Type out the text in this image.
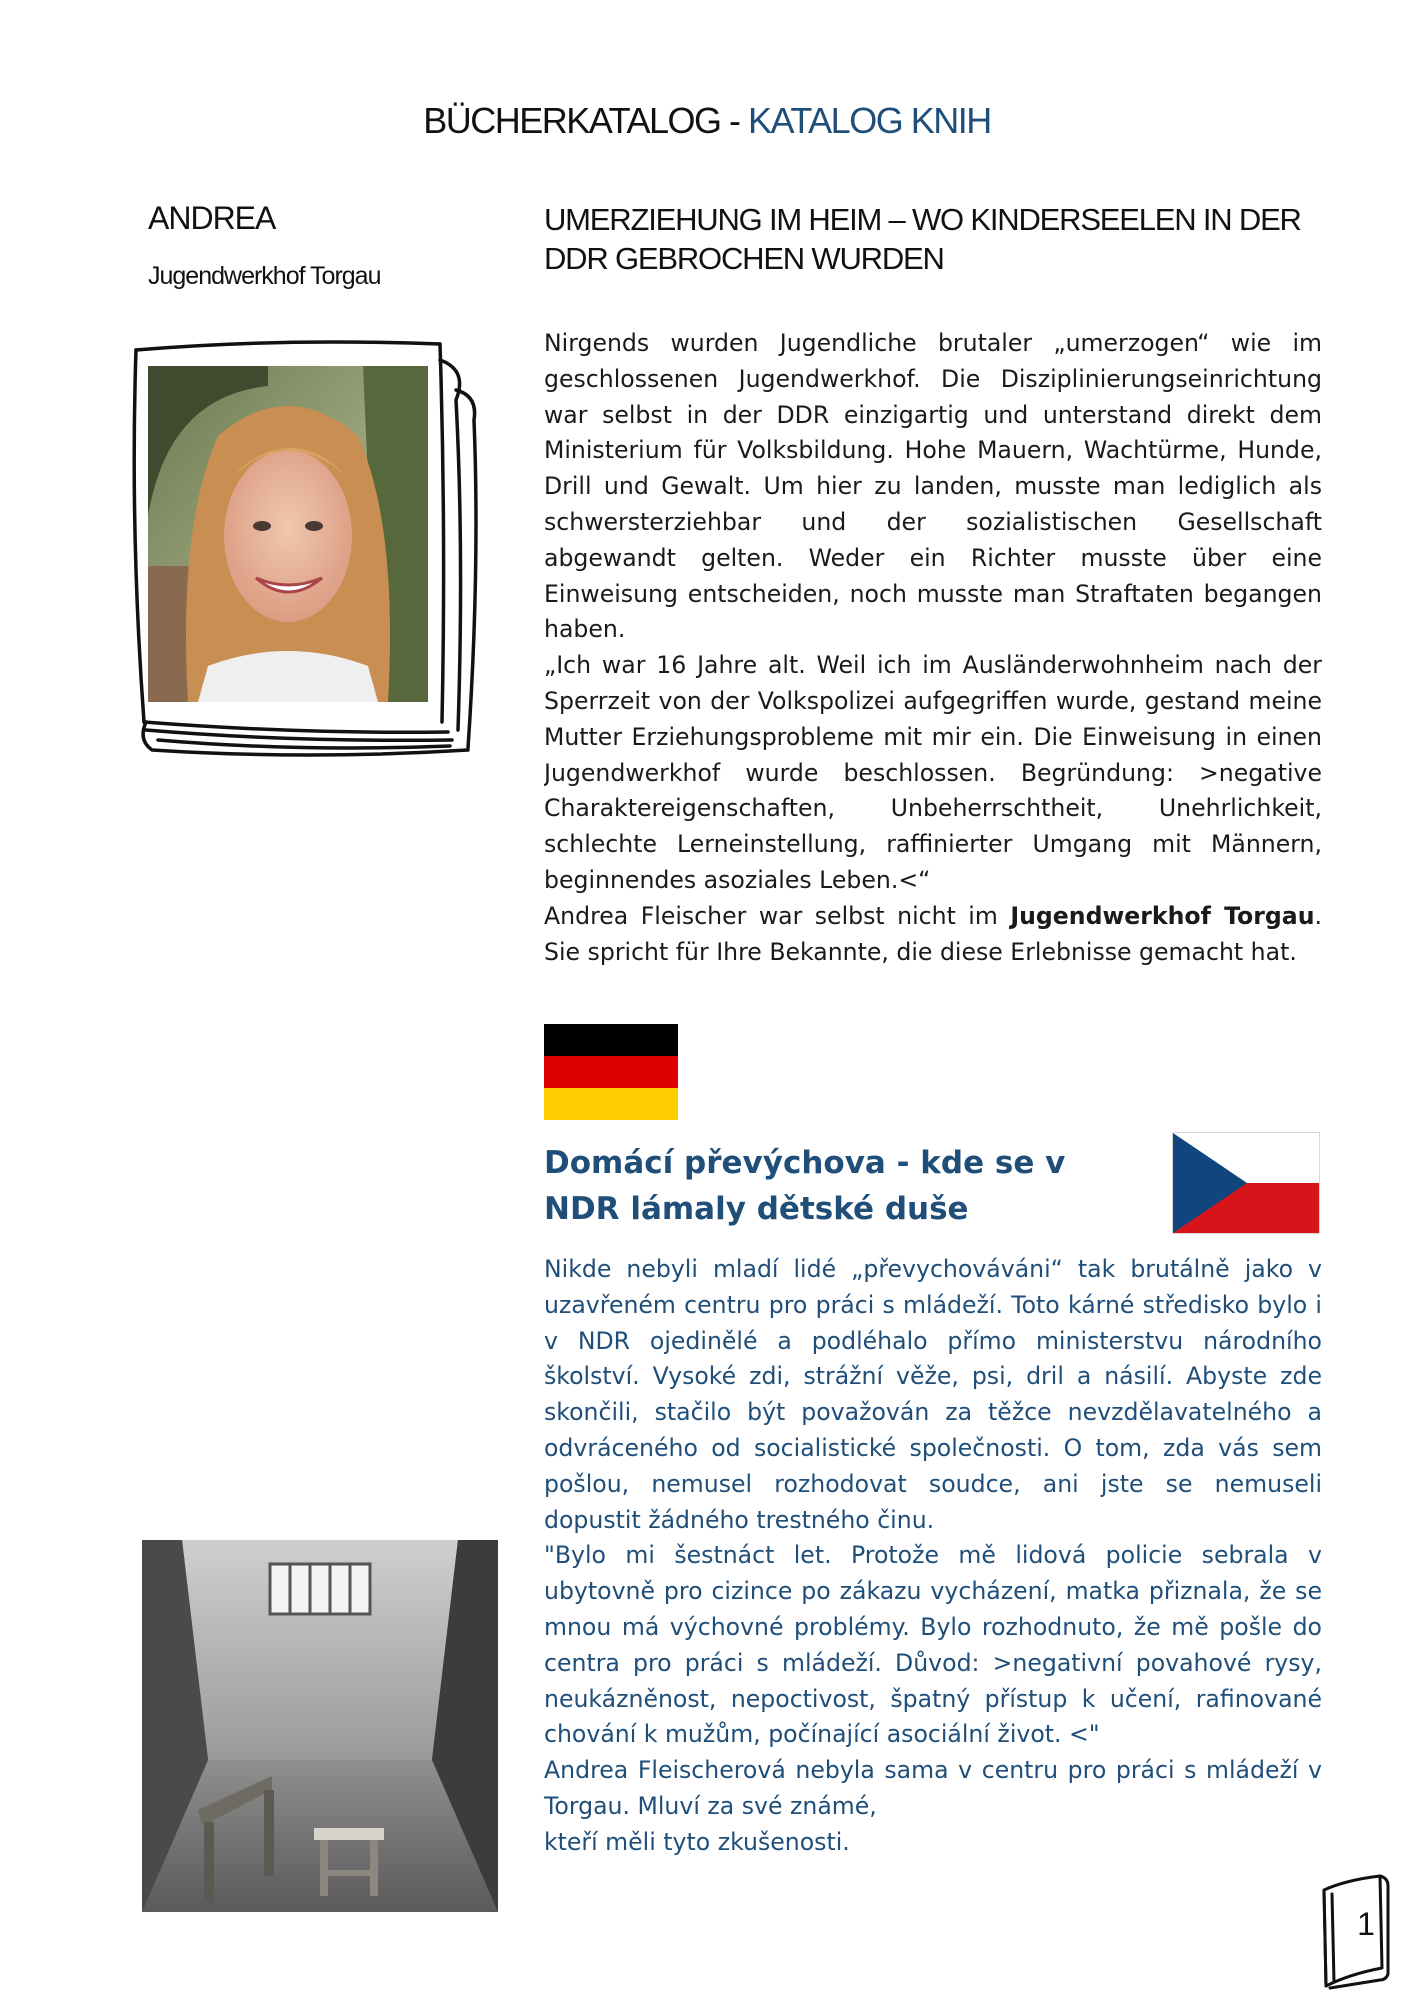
BÜCHERKATALOG - KATALOG KNIH
ANDREA
Jugendwerkhof Torgau
UMERZIEHUNG IM HEIM – WO KINDERSEELEN IN DER DDR GEBROCHEN WURDEN

Nirgends wurden Jugendliche brutaler „umerzogen“ wie im geschlossenen Jugendwerkhof. Die Disziplinierungseinrichtung war selbst in der DDR einzigartig und unterstand direkt dem Ministerium für Volksbildung. Hohe Mauern, Wachtürme, Hunde, Drill und Gewalt. Um hier zu landen, musste man lediglich als schwersterziehbar und der sozialistischen Gesellschaft abgewandt gelten. Weder ein Richter musste über eine Einweisung entscheiden, noch musste man Straftaten begangen haben.

„Ich war 16 Jahre alt. Weil ich im Ausländerwohnheim nach der Sperrzeit von der Volkspolizei aufgegriffen wurde, gestand meine Mutter Erziehungsprobleme mit mir ein. Die Einweisung in einen Jugendwerkhof wurde beschlossen. Begründung: >negative Charaktereigenschaften, Unbeherrschtheit, Unehrlichkeit, schlechte Lerneinstellung, raffinierter Umgang mit Männern, beginnendes asoziales Leben.<“

Andrea Fleischer war selbst nicht im Jugendwerkhof Torgau. Sie spricht für Ihre Bekannte, die diese Erlebnisse gemacht hat.

Domácí převýchova - kde se v NDR lámaly dětské duše

Nikde nebyli mladí lidé „převychováváni“ tak brutálně jako v uzavřeném centru pro práci s mládeží. Toto kárné středisko bylo i v NDR ojedinělé a podléhalo přímo ministerstvu národního školství. Vysoké zdi, strážní věže, psi, dril a násilí. Abyste zde skončili, stačilo být považován za těžce nevzdělavatelného a odvráceného od socialistické společnosti. O tom, zda vás sem pošlou, nemusel rozhodovat soudce, ani jste se nemuseli dopustit žádného trestného činu.

"Bylo mi šestnáct let. Protože mě lidová policie sebrala v ubytovně pro cizince po zákazu vycházení, matka přiznala, že se mnou má výchovné problémy. Bylo rozhodnuto, že mě pošle do centra pro práci s mládeží. Důvod: >negativní povahové rysy, neukázněnost, nepoctivost, špatný přístup k učení, rafinované chování k mužům, počínající asociální život. <"

Andrea Fleischerová nebyla sama v centru pro práci s mládeží v Torgau. Mluví za své známé,

kteří měli tyto zkušenosti.

1
